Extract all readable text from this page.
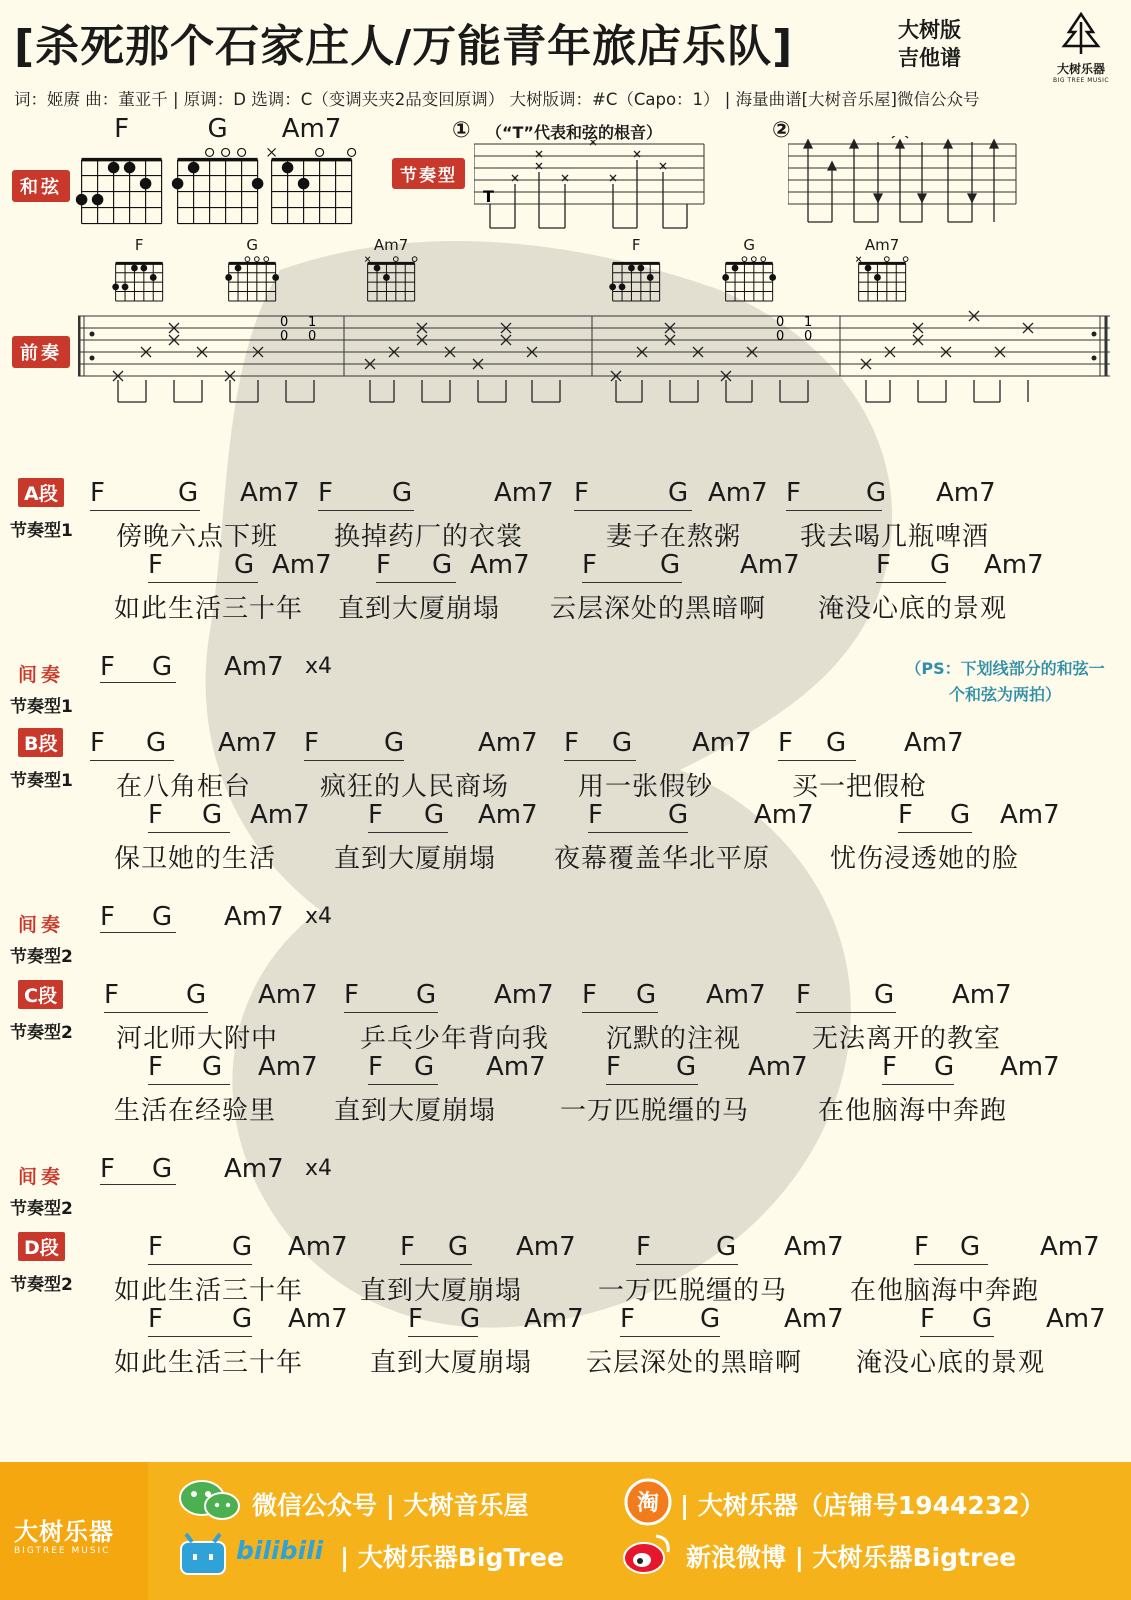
[杀死那个石家庄人/万能青年旅店乐队]	大树版
吉他谱	大树乐器
BIG TREE MUSIC
词：姬赓 曲：董亚千 | 原调：D 选调：C（变调夹夹2品变回原调） 大树版调：#C（Capo：1） | 海量曲谱[大树音乐屋]微信公众号
和弦
F	G	Am7
节奏型
① （“T”代表和弦的根音）
T
②
前奏
F	G	Am7	F	G	Am7
0
0
1
0
0
0
1
0
A段
节奏型1
F	G Am7 F G	Am7 F	G Am7 F	G Am7
傍晚六点下班 换掉药厂的衣裳	妻子在熬粥 我去喝几瓶啤酒
F	G Am7 F G Am7 F G Am7	F G Am7
如此生活三十年 直到大厦崩塌 云层深处的黑暗啊 淹没心底的景观
B段
节奏型1
F G Am7 F	G	Am7 F G Am7 F G Am7
在八角柜台	疯狂的人民商场	用一张假钞	买一把假枪
F G Am7 F G Am7 F	G	Am7	F G Am7
保卫她的生活 直到大厦崩塌 夜幕覆盖华北平原 忧伤浸透她的脸
C段
节奏型2
F	G Am7 F G Am7 F G Am7 F G Am7
河北师大附中	乒乓少年背向我 沉默的注视	无法离开的教室
F G Am7 F G Am7 F G Am7	F G Am7
生活在经验里 直到大厦崩塌 一万匹脱缰的马	在他脑海中奔跑
D段
节奏型2
F	G Am7 F G Am7 F	G Am7	F G Am7
如此生活三十年 直到大厦崩塌	一万匹脱缰的马 在他脑海中奔跑
F	G Am7 F G Am7 F	G Am7	F G Am7
如此生活三十年	直到大厦崩塌 云层深处的黑暗啊 淹没心底的景观
间奏
节奏型1
F G Am7 x4
间奏
节奏型2
F G Am7 x4
间奏
节奏型2
F G Am7 x4
（PS：下划线部分的和弦一个和弦为两拍）
大树乐器
BIGTREE MUSIC
微信公众号 | 大树音乐屋	淘 | 大树乐器（店铺号1944232）
bilibili | 大树乐器BigTree	新浪微博 | 大树乐器Bigtree
